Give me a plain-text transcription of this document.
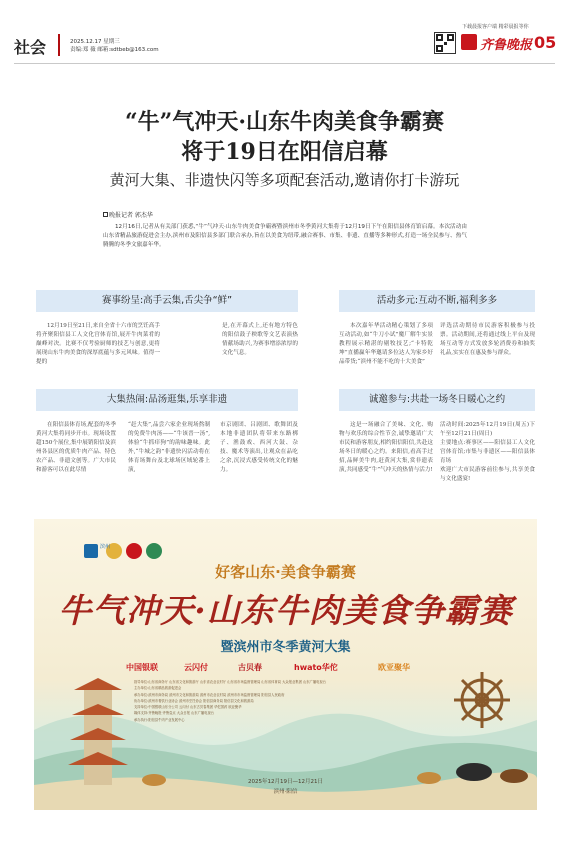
下载晨报客户端 精彩晨报等你
社会	2025.12.17 星期三
责编:郑 薇 邮箱:sdtbeb@163.com	齐鲁晚报 05
“牛”气冲天·山东牛肉美食争霸赛
将于19日在阳信启幕
黄河大集、非遗快闪等多项配套活动,邀请你打卡游玩
晚报记者 郭杰华
12月16日,记者从有关部门获悉,“牛”气冲天·山东牛肉美食争霸赛暨滨州市冬季黄河大集将于12月19日下午在阳信县体育馆启幕。本次活动由山东省精品旅游促进会主办,滨州市及阳信县多部门联合承办,旨在以美食为纽带,融合赛事、市集、非遗、直播等多种形式,打造一场全民参与、热气腾腾的冬季文旅嘉年华。
赛事纷呈:高手云集,舌尖争“鲜”	活动多元:互动不断,福利多多
大集热闹:品汤逛集,乐享非遗	诚邀参与:共赴一场冬日暖心之约
12月19日至21日,来自全省十六市的烹饪高手将齐聚阳信县工人文化宫体育馆,展开牛肉菜肴的巅峰对决。比赛不仅考验厨师的技艺与创意,更将展现山东牛肉美食的深厚底蕴与多元风味。值得一提的
是,在开幕式上,还有地方特色的阳信鼓子秧歌等文艺表演热情献场助兴,为赛事增添浓厚的文化气息。
本次嘉年华活动精心策划了多项互动活动,如“牛刀小试”魔厂解牛实景教程展示精湛的剔牧技艺;“卡特乾坤”直播赢年华邀请多位达人为家乡好品带货;“滨州不能不吃的十大美食”
评选活动期待市民游客积极参与投票。活动期间,还将通过线上平台及现场互动等方式发放多轮消费券和抽奖礼品,实实在在惠及参与群众。
在阳信县体育场,配套的冬季黄河大集将同步开市。现场设置超150个展位,集中展销阳信及滨州各县区的优质牛肉产品、特色农产品、非遗文创等。广大市民和游客可以在此尽情
“赶大集”,品尝六家企业现场熬制的免费牛肉汤——“牛该晋一汤”,体验“牛抓痒狗”的韵味趣味。此外,“牛城之韵”非遗快闪活动将在体育场舞台及北球场区域轮番上演,
市京剧团、吕剧团、歌舞团及本地非遗团队将带来东路梆子、渔鼓戏、西河大鼓、杂技、魔术等演出,让观众在品吃之余,沉浸式感受传统文化的魅力。
这是一场融合了美味、文化、购物与欢乐的综合性节会,诚挚邀请广大市民和游客朋友,相约阳信阳信,共赴这场冬日的暖心之约。来阳信,看高手过招,品鲜美牛肉,赶黄河大集,赏非遗表演,共同感受“牛”气冲天的热情与活力!
活动时间:2025年12月19日(周五)下午至12月21日(周日)
主要地点:赛事区——阳信县工人文化宫体育馆;市集与非遗区——阳信县体育场
欢迎广大市民游客前往参与,共享美食与文化盛宴!
滨州
好客山东·美食争霸赛
牛气冲天·山东牛肉美食争霸赛
暨滨州市冬季黄河大集
中国银联	云闪付	古贝春	hwato华佗	欧亚聚华
指导单位:山东省商务厅 山东省文化和旅游厅 山东省农业农村厅 山东省市场监督管理局 山东省体育局 大众报业集团 山东广播电视台
主办单位:山东省精品旅游促进会
承办单位:滨州市商务局 滨州市文化和旅游局 滨州市农业农村局 滨州市市场监督管理局 阳信县人民政府
协办单位:滨州市餐饮行业协会 滨州市烹饪协会 阳信县商务局 阳信县文化和旅游局
支持单位:中国银联山东分公司 云闪付 山东古贝春集团 华佗国药 欧亚聚华
媒体支持:齐鲁晚报·齐鲁壹点 大众日报 山东广播电视台
承办执行:阳信县牛肉产业发展中心
2025年12月19日—12月21日
滨州·阳信
